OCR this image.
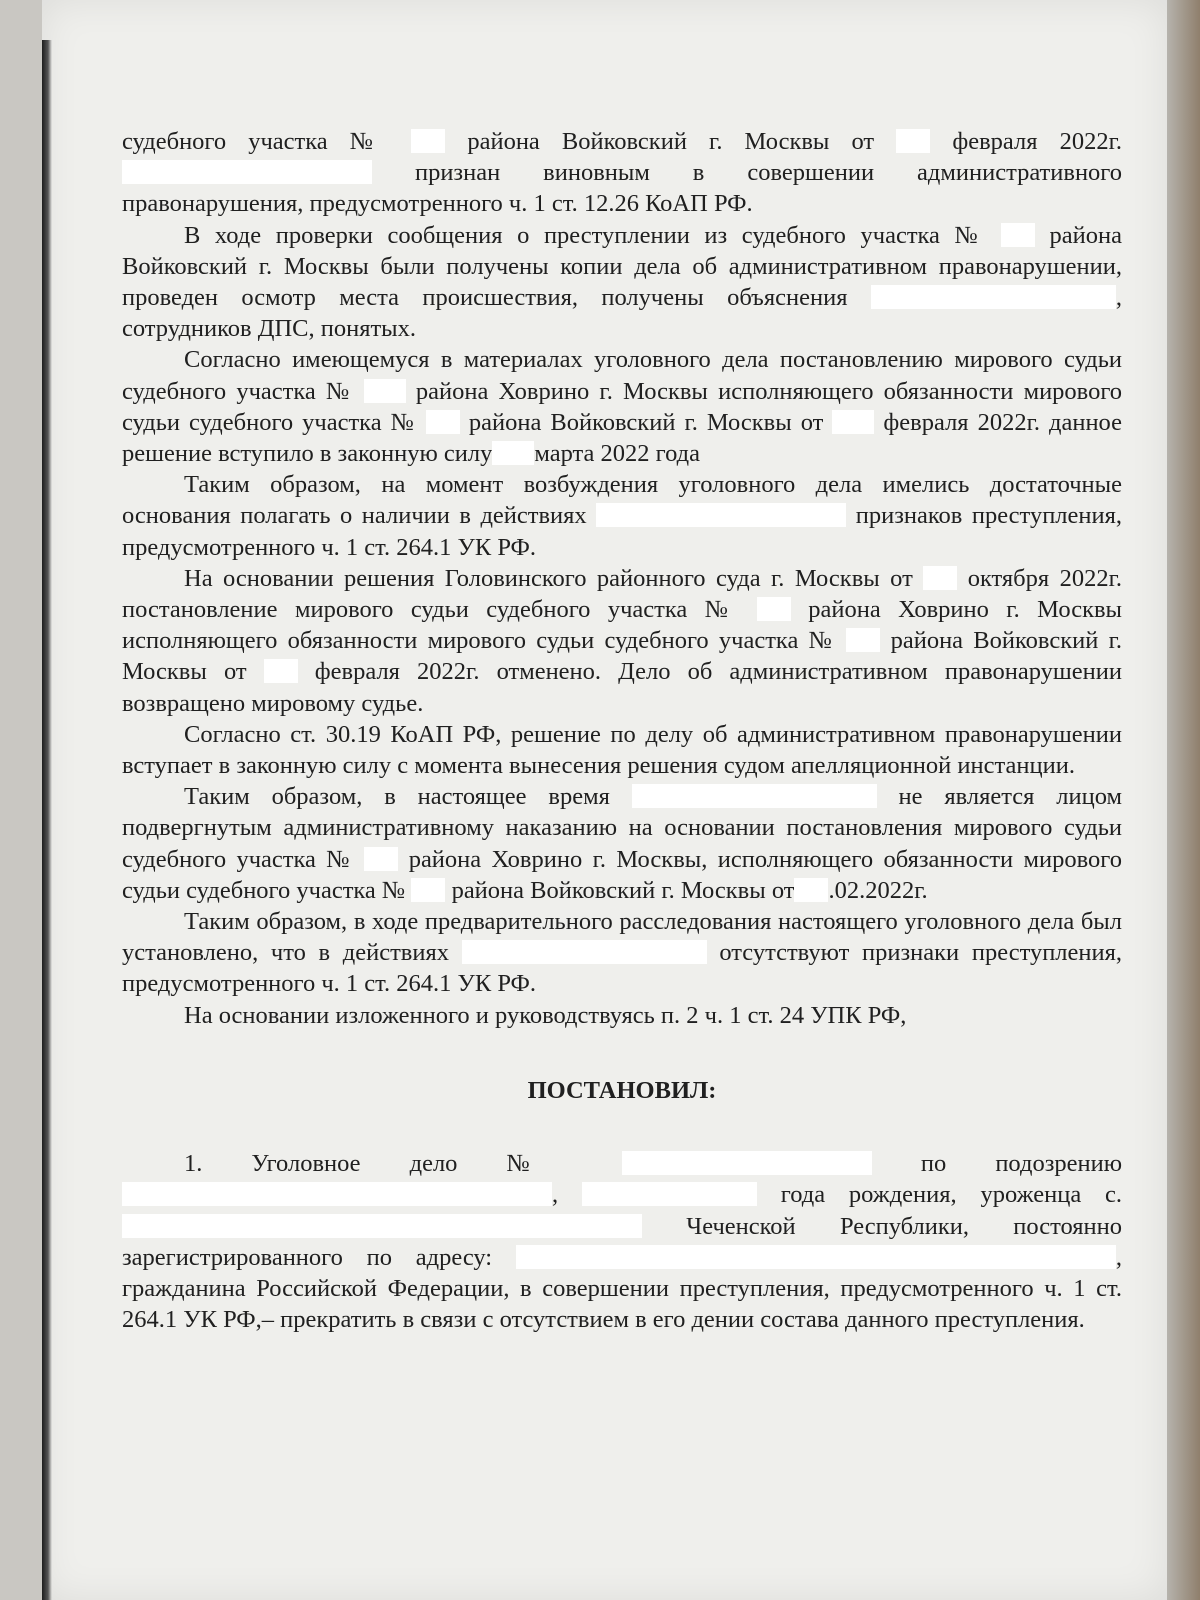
судебного участка №	района Войковский г. Москвы от	февраля 2022г.  признан виновным в совершении административного правонарушения, предусмотренного ч. 1 ст. 12.26 КоАП РФ.

В ходе проверки сообщения о преступлении из судебного участка №	района Войковский г. Москвы были получены копии дела об административном правонарушении, проведен осмотр места происшествия, получены объяснения	, сотрудников ДПС, понятых.

Согласно имеющемуся в материалах уголовного дела постановлению мирового судьи судебного участка №	района Ховрино г. Москвы исполняющего обязанности мирового судьи судебного участка № района Войковский г. Москвы от февраля 2022г. данное решение вступило в законную силу марта 2022 года

Таким образом, на момент возбуждения уголовного дела имелись достаточные основания полагать о наличии в действиях	признаков преступления, предусмотренного ч. 1 ст. 264.1 УК РФ.

На основании решения Головинского районного суда г. Москвы от октября 2022г. постановление мирового судьи судебного участка №	района Ховрино г. Москвы исполняющего обязанности мирового судьи судебного участка № района Войковский г. Москвы от	февраля 2022г. отменено. Дело об административном правонарушении возвращено мировому судье.

Согласно ст. 30.19 КоАП РФ, решение по делу об административном правонарушении вступает в законную силу с момента вынесения решения судом апелляционной инстанции.

Таким образом, в настоящее время	не является лицом подвергнутым административному наказанию на основании постановления мирового судьи судебного участка № района Ховрино г. Москвы, исполняющего обязанности мирового судьи судебного участка № района Войковский г. Москвы от .02.2022г.

Таким образом, в ходе предварительного расследования настоящего уголовного дела был установлено, что в действиях	отсутствуют признаки преступления, предусмотренного ч. 1 ст. 264.1 УК РФ.

На основании изложенного и руководствуясь п. 2 ч. 1 ст. 24 УПК РФ,

ПОСТАНОВИЛ:

1. Уголовное дело №	по подозрению ,	года рождения, уроженца с.  Чеченской Республики, постоянно зарегистрированного по адресу:	, гражданина Российской Федерации, в совершении преступления, предусмотренного ч. 1 ст. 264.1 УК РФ,– прекратить в связи с отсутствием в его дении состава данного преступления.
